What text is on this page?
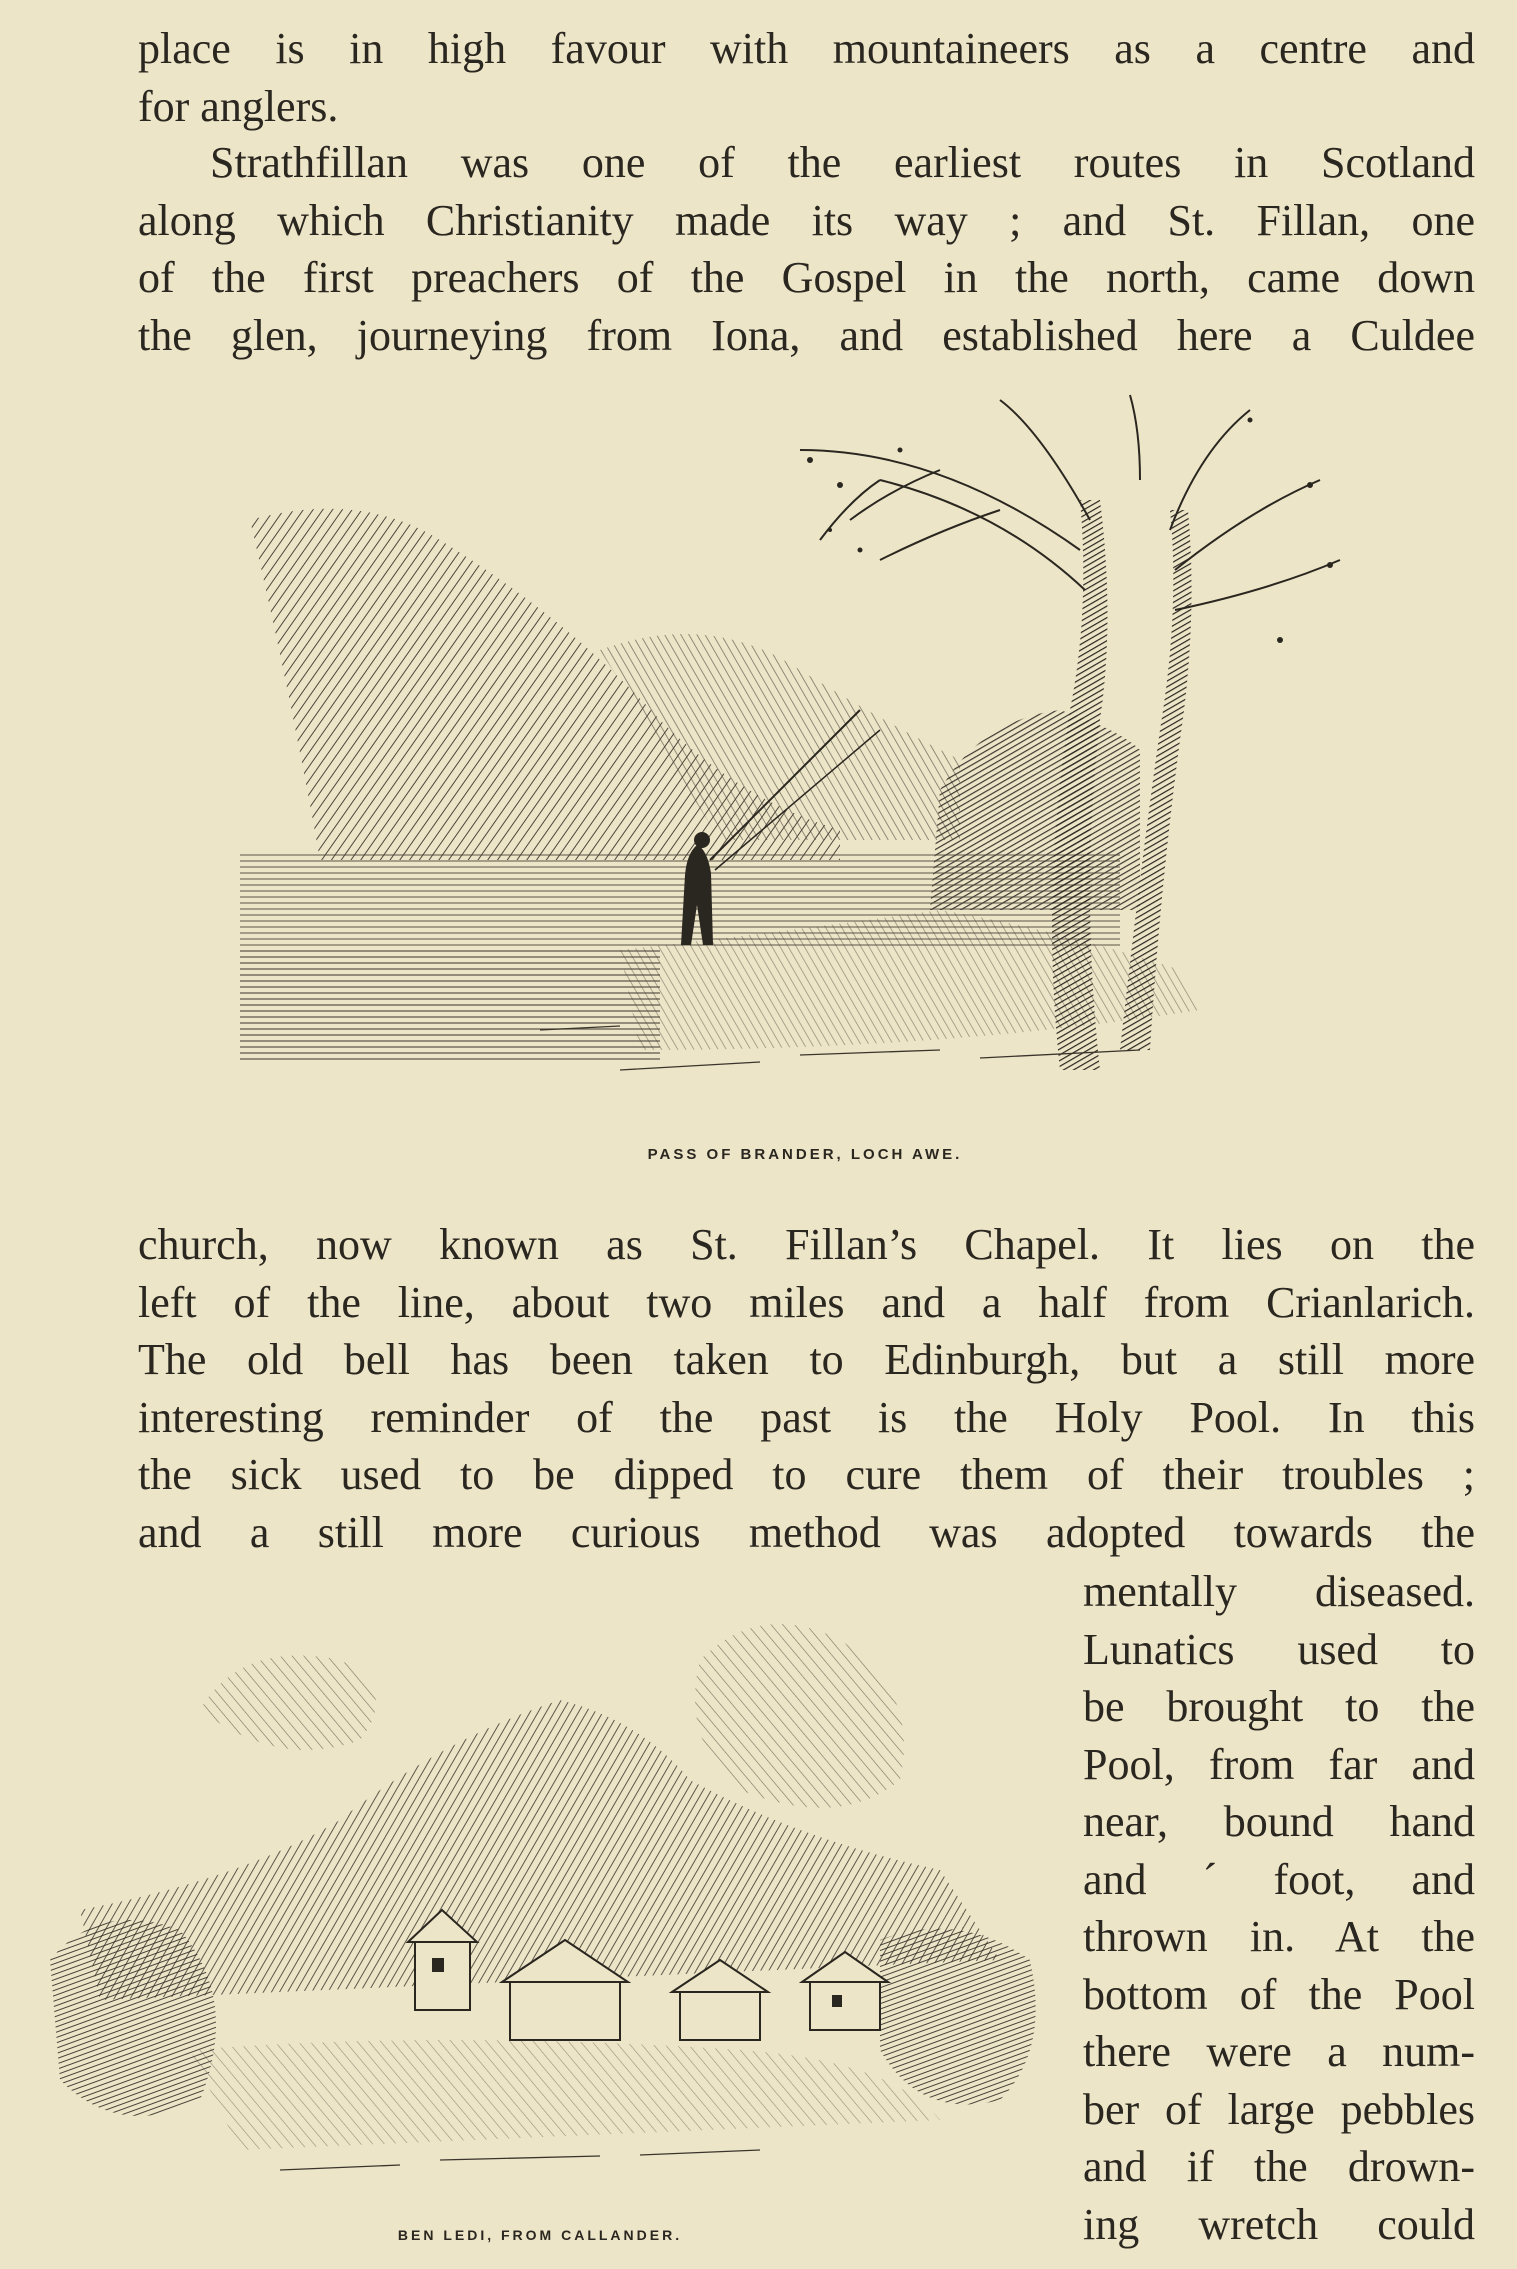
place is in high favour with mountaineers as a centre and
for anglers.
Strathfillan was one of the earliest routes in Scotland
along which Christianity made its way ; and St. Fillan, one
of the first preachers of the Gospel in the north, came down
the glen, journeying from Iona, and established here a Culdee
PASS OF BRANDER, LOCH AWE.
church, now known as St. Fillan’s Chapel. It lies on the
left of the line, about two miles and a half from Crianlarich.
The old bell has been taken to Edinburgh, but a still more
interesting reminder of the past is the Holy Pool. In this
the sick used to be dipped to cure them of their troubles ;
and a still more curious method was adopted towards the
BEN LEDI, FROM CALLANDER.
mentally diseased.
Lunatics used to
be brought to the
Pool, from far and
near, bound hand
and ´ foot, and
thrown in. At the
bottom of the Pool
there were a num-
ber of large pebbles
and if the drown-
ing wretch could
